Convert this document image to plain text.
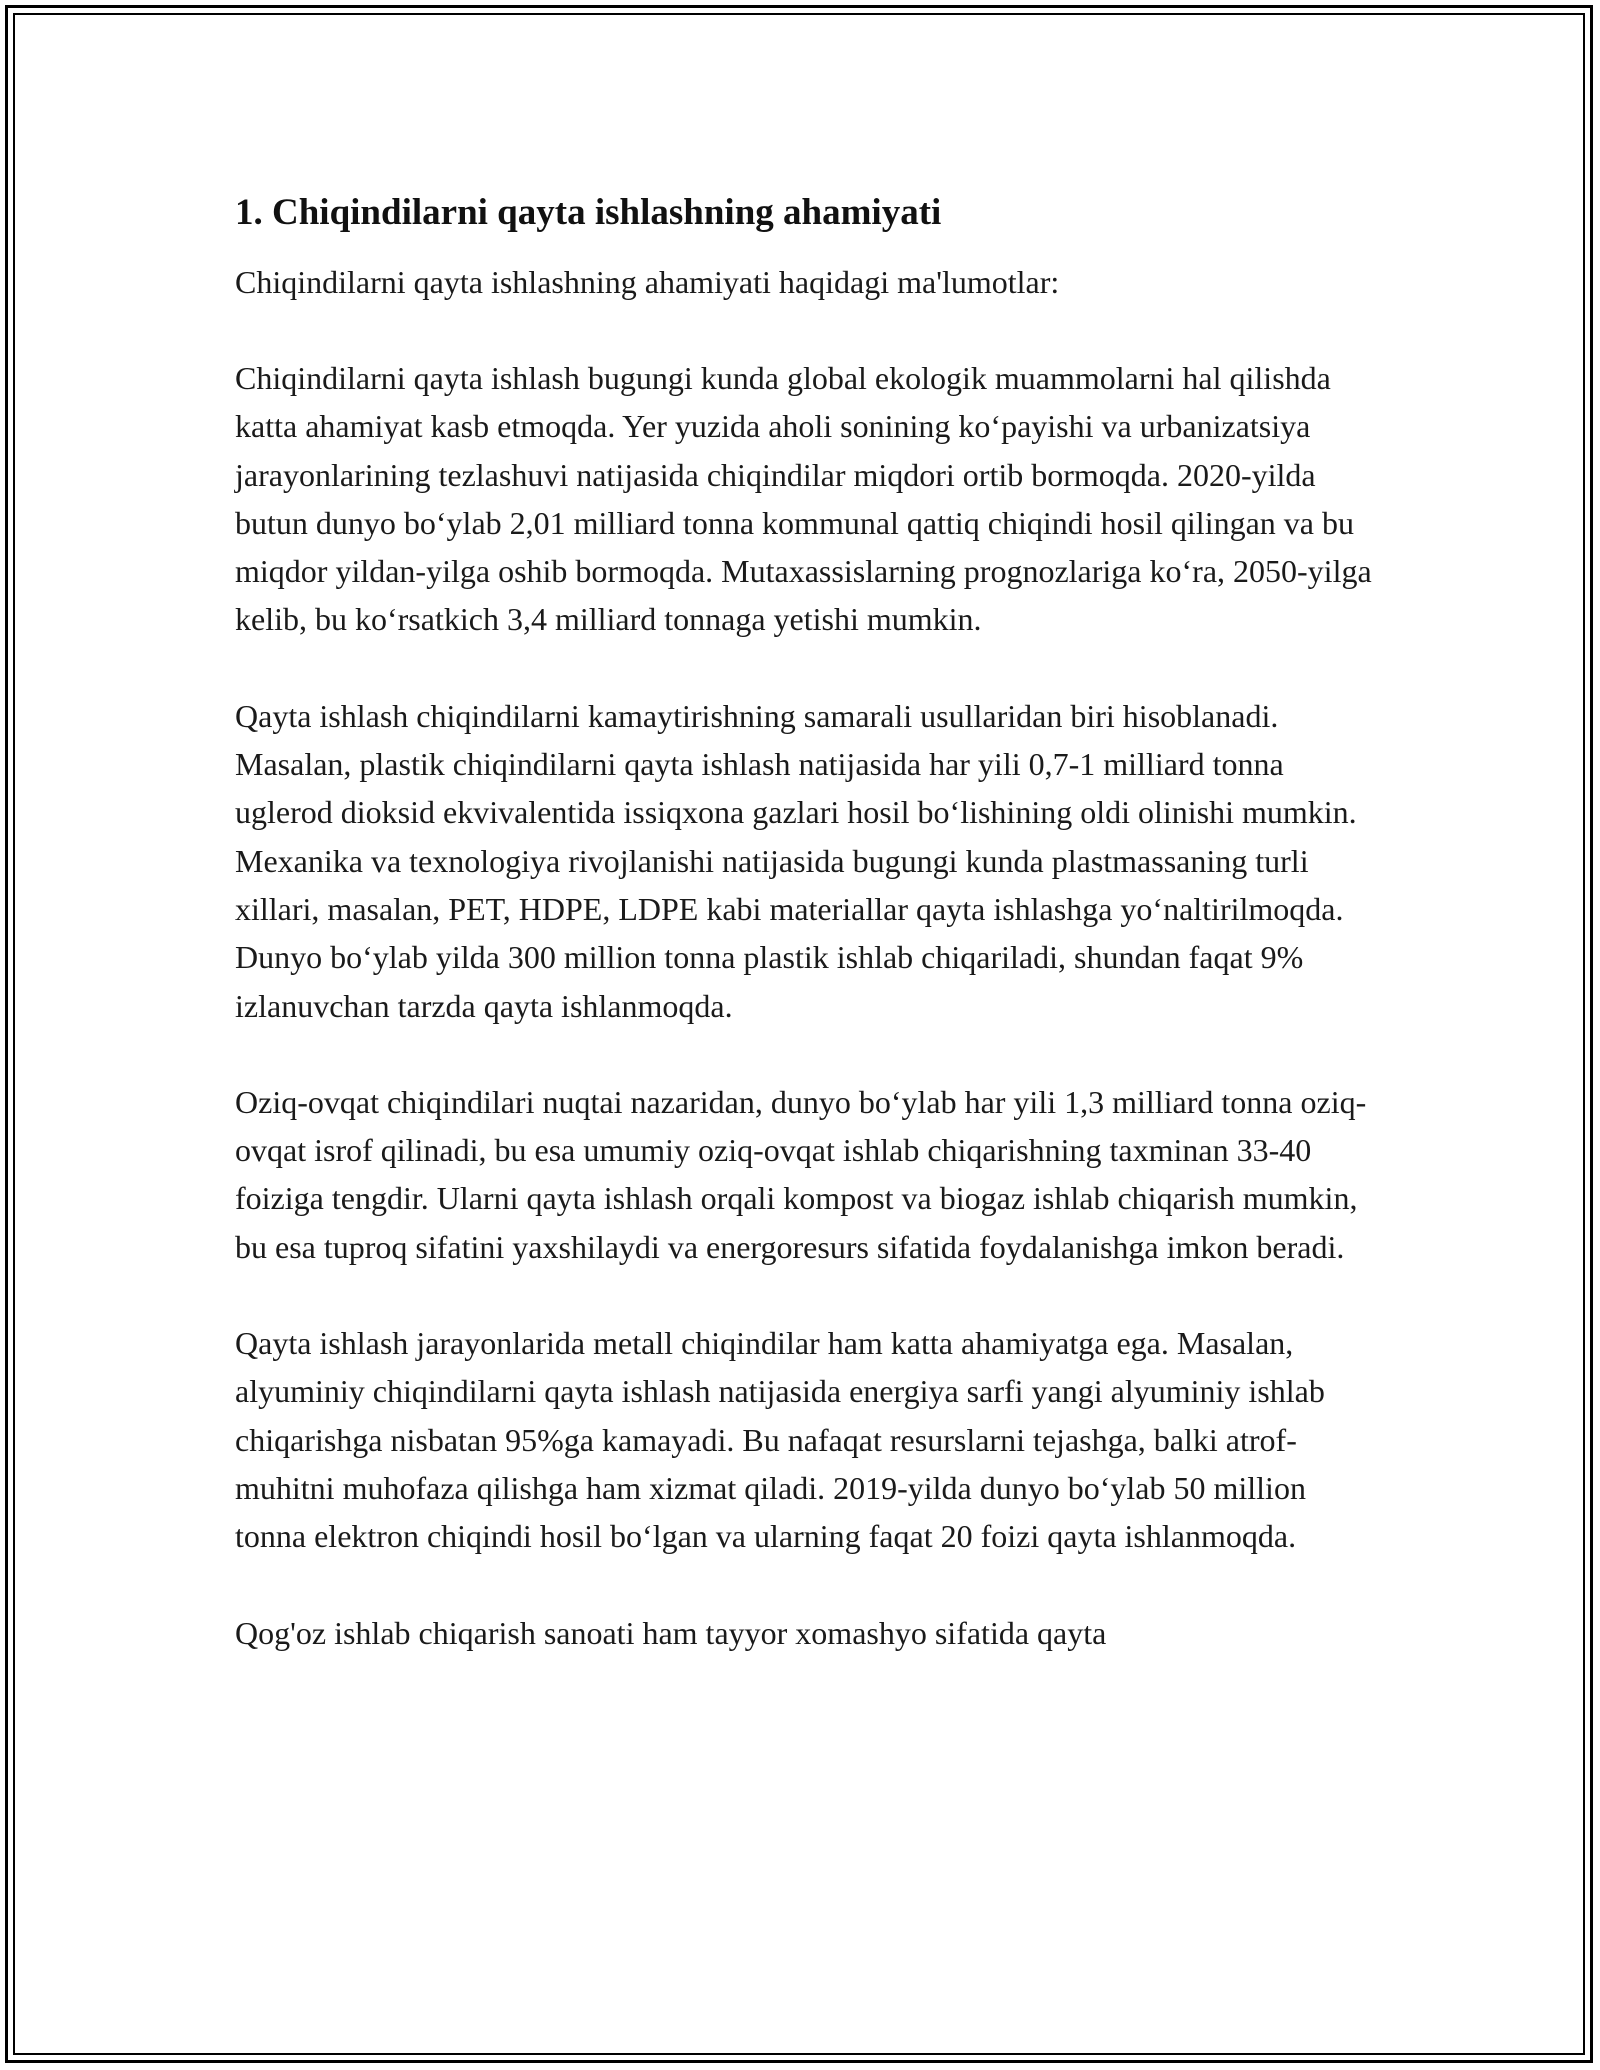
1. Chiqindilarni qayta ishlashning ahamiyati

Chiqindilarni qayta ishlashning ahamiyati haqidagi ma'lumotlar:

Chiqindilarni qayta ishlash bugungi kunda global ekologik muammolarni hal qilishda katta ahamiyat kasb etmoqda. Yer yuzida aholi sonining koʻpayishi va urbanizatsiya jarayonlarining tezlashuvi natijasida chiqindilar miqdori ortib bormoqda. 2020-yilda butun dunyo boʻylab 2,01 milliard tonna kommunal qattiq chiqindi hosil qilingan va bu miqdor yildan-yilga oshib bormoqda. Mutaxassislarning prognozlariga koʻra, 2050-yilga kelib, bu koʻrsatkich 3,4 milliard tonnaga yetishi mumkin.

Qayta ishlash chiqindilarni kamaytirishning samarali usullaridan biri hisoblanadi. Masalan, plastik chiqindilarni qayta ishlash natijasida har yili 0,7-1 milliard tonna uglerod dioksid ekvivalentida issiqxona gazlari hosil boʻlishining oldi olinishi mumkin. Mexanika va texnologiya rivojlanishi natijasida bugungi kunda plastmassaning turli xillari, masalan, PET, HDPE, LDPE kabi materiallar qayta ishlashga yoʻnaltirilmoqda. Dunyo boʻylab yilda 300 million tonna plastik ishlab chiqariladi, shundan faqat 9% izlanuvchan tarzda qayta ishlanmoqda.

Oziq-ovqat chiqindilari nuqtai nazaridan, dunyo boʻylab har yili 1,3 milliard tonna oziq-ovqat isrof qilinadi, bu esa umumiy oziq-ovqat ishlab chiqarishning taxminan 33-40 foiziga tengdir. Ularni qayta ishlash orqali kompost va biogaz ishlab chiqarish mumkin, bu esa tuproq sifatini yaxshilaydi va energoresurs sifatida foydalanishga imkon beradi.

Qayta ishlash jarayonlarida metall chiqindilar ham katta ahamiyatga ega. Masalan, alyuminiy chiqindilarni qayta ishlash natijasida energiya sarfi yangi alyuminiy ishlab chiqarishga nisbatan 95%ga kamayadi. Bu nafaqat resurslarni tejashga, balki atrof-muhitni muhofaza qilishga ham xizmat qiladi. 2019-yilda dunyo boʻylab 50 million tonna elektron chiqindi hosil boʻlgan va ularning faqat 20 foizi qayta ishlanmoqda.

Qog'oz ishlab chiqarish sanoati ham tayyor xomashyo sifatida qayta
